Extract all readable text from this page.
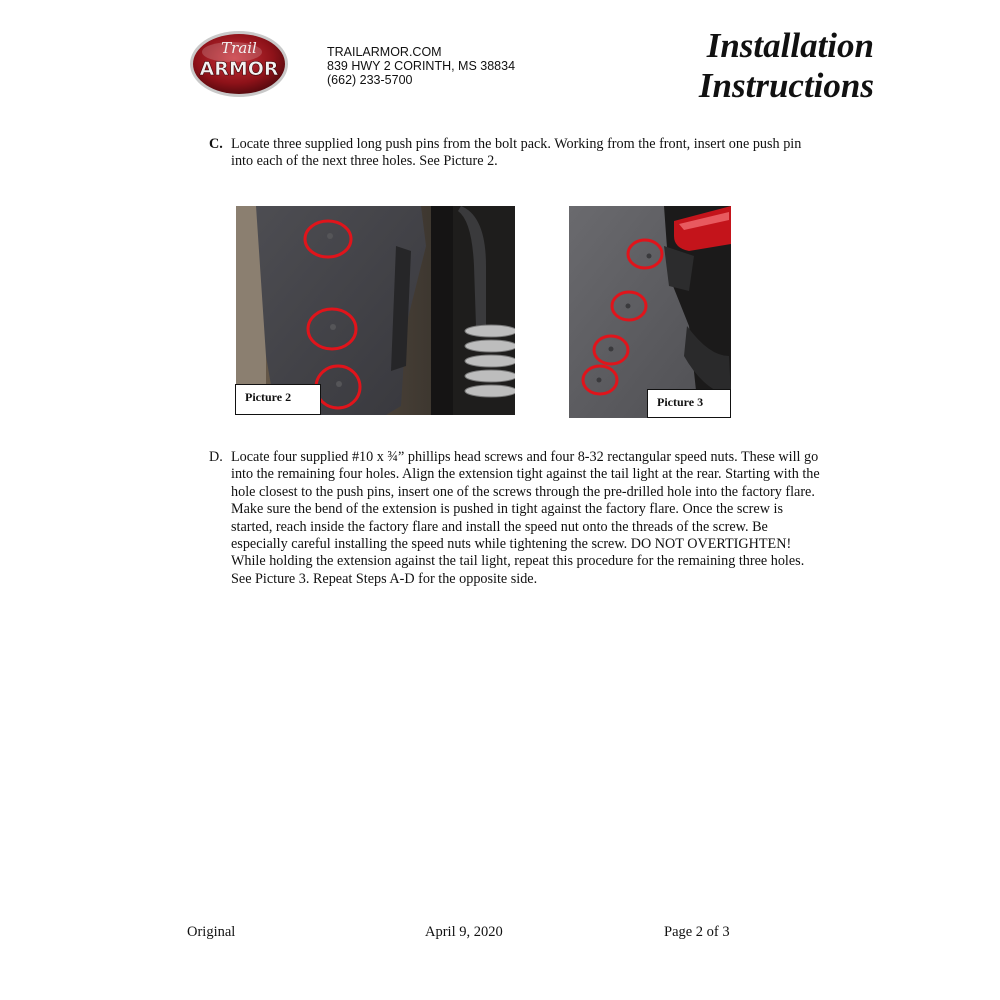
Trail
ARMOR
TRAILARMOR.COM
839 HWY 2 CORINTH, MS 38834
(662) 233-5700
Installation
Instructions
C. Locate three supplied long push pins from the bolt pack. Working from the front, insert one push pin into each of the next three holes. See Picture 2.
Picture 2	Picture 3
D. Locate four supplied #10 x ¾” phillips head screws and four 8-32 rectangular speed nuts. These will go into the remaining four holes. Align the extension tight against the tail light at the rear. Starting with the hole closest to the push pins, insert one of the screws through the pre-drilled hole into the factory flare. Make sure the bend of the extension is pushed in tight against the factory flare. Once the screw is started, reach inside the factory flare and install the speed nut onto the threads of the screw. Be especially careful installing the speed nuts while tightening the screw. DO NOT OVERTIGHTEN! While holding the extension against the tail light, repeat this procedure for the remaining three holes. See Picture 3. Repeat Steps A-D for the opposite side.
Original	April 9, 2020	Page 2 of 3
